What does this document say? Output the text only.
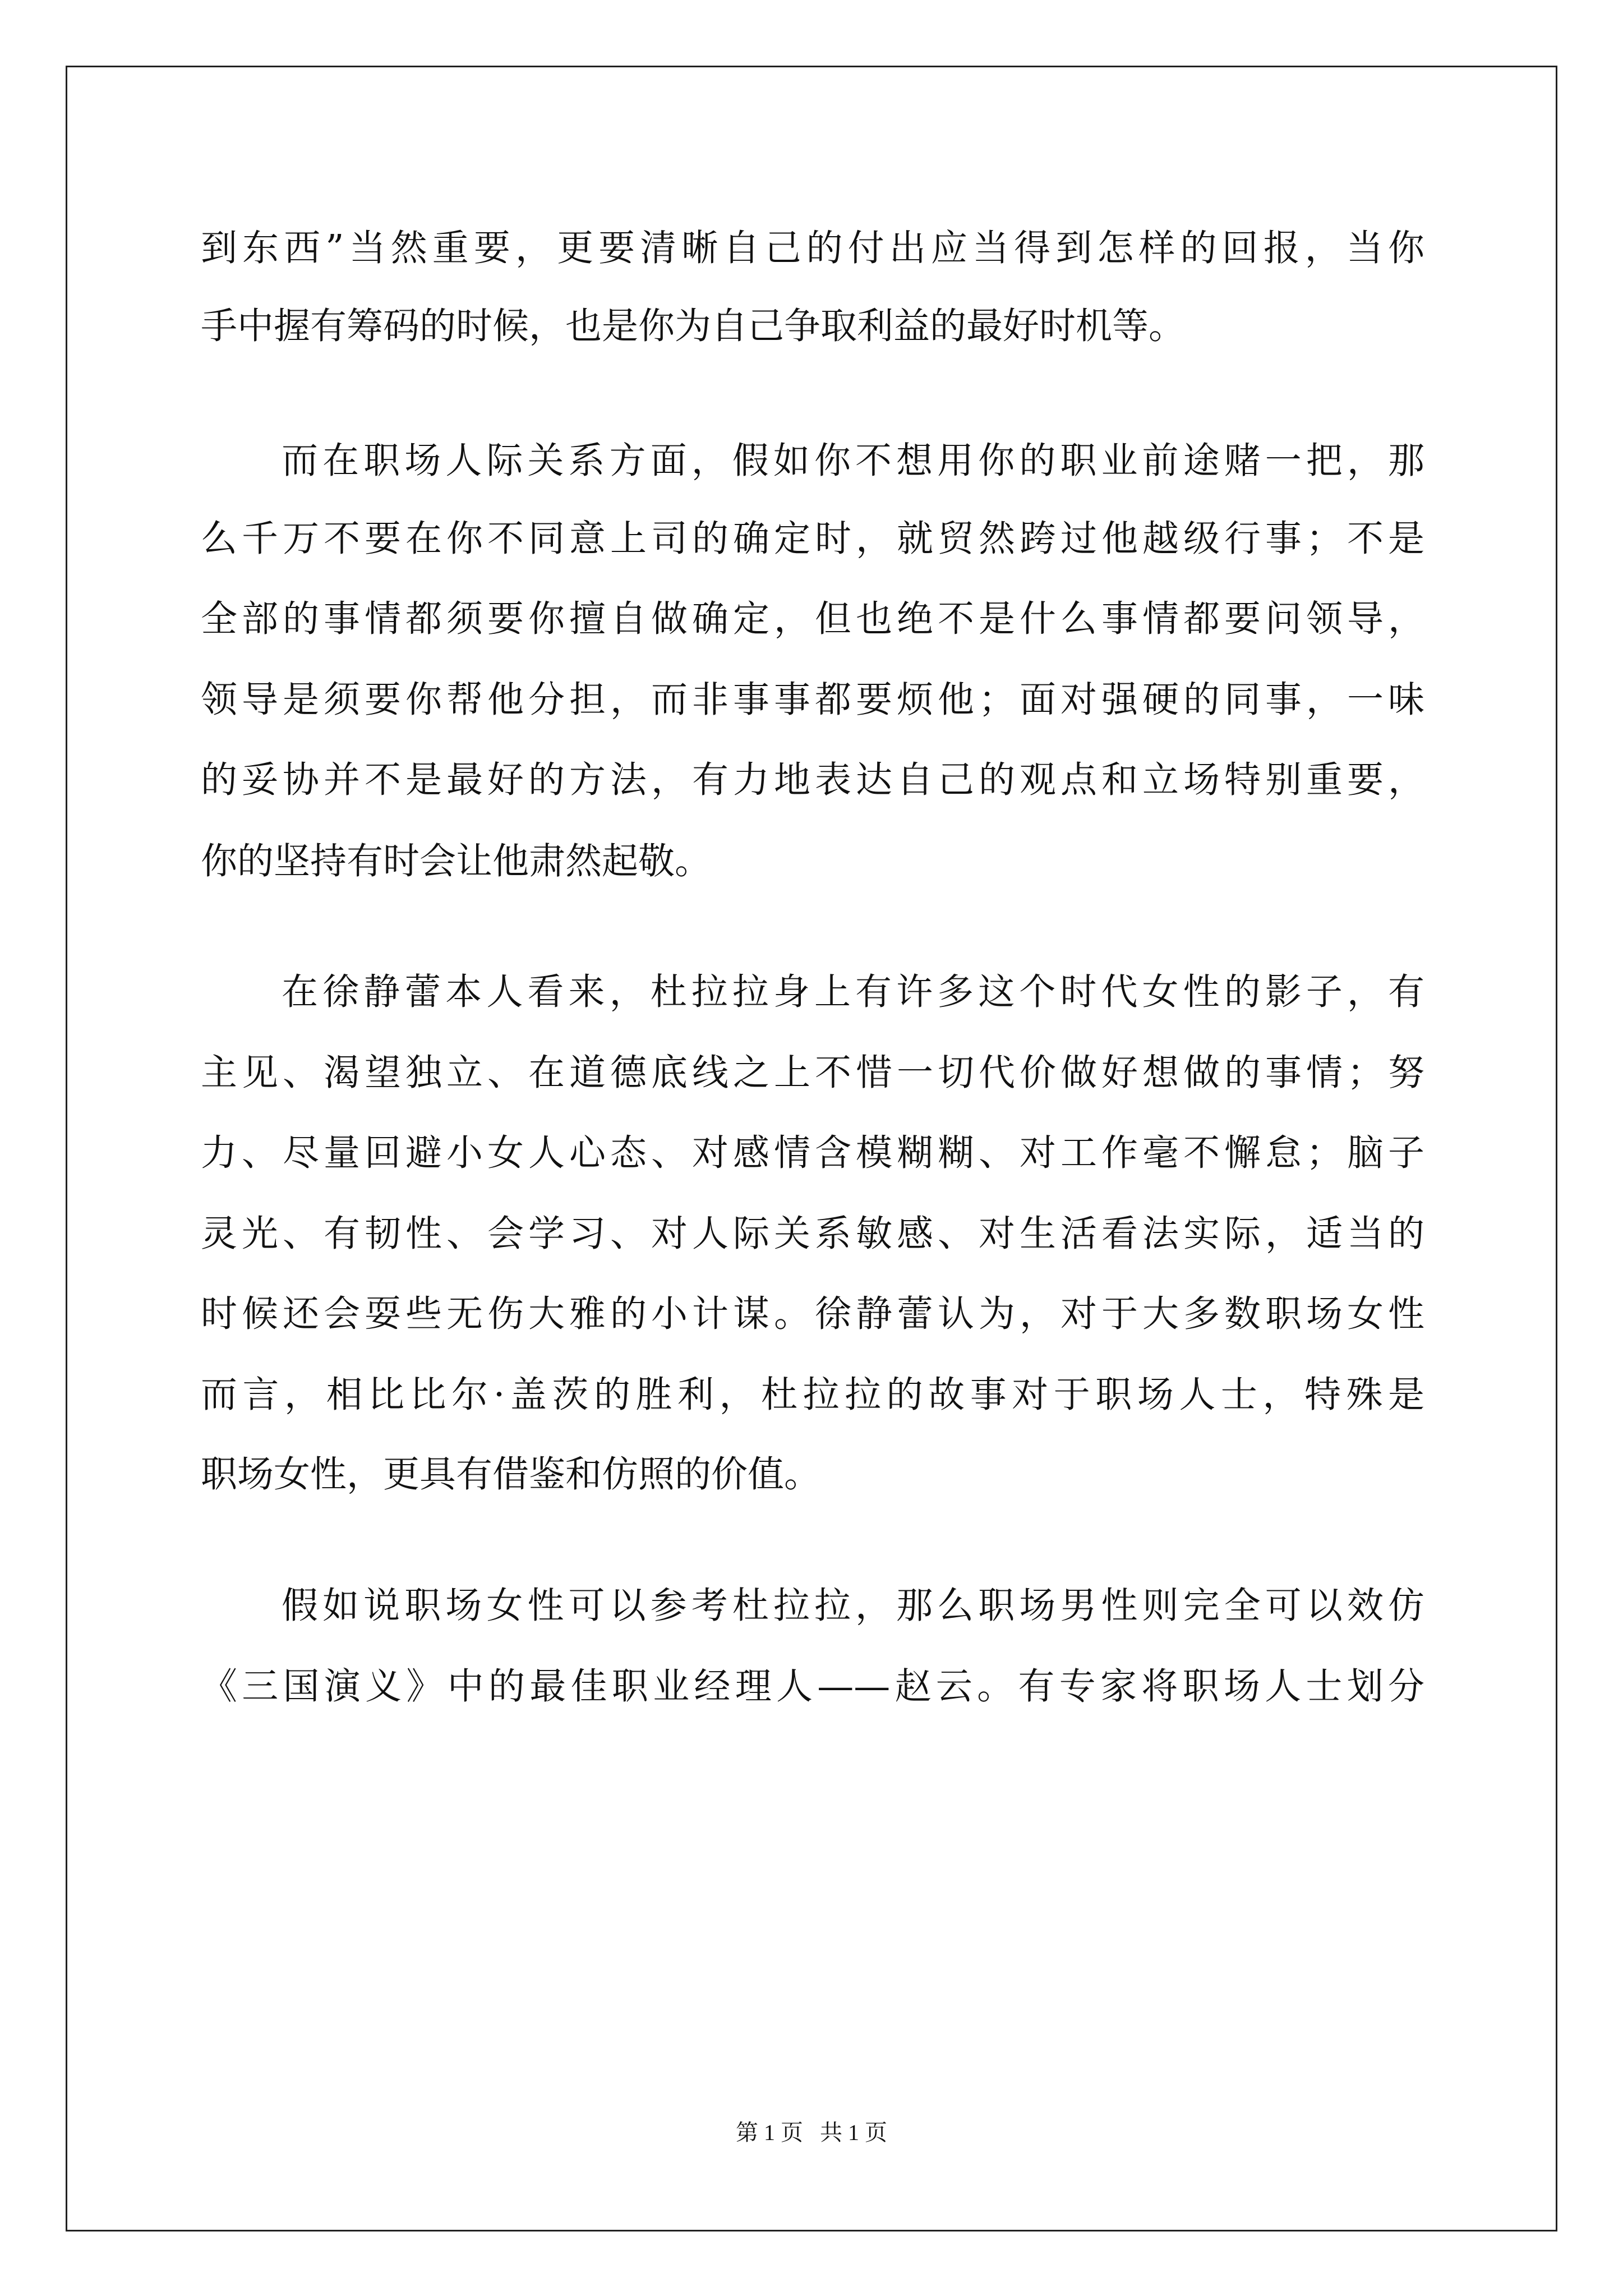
到东西”当然重要，更要清晰自己的付出应当得到怎样的回报，当你
手中握有筹码的时候，也是你为自己争取利益的最好时机等。
而在职场人际关系方面，假如你不想用你的职业前途赌一把，那
么千万不要在你不同意上司的确定时，就贸然跨过他越级行事；不是
全部的事情都须要你擅自做确定，但也绝不是什么事情都要问领导，
领导是须要你帮他分担，而非事事都要烦他；面对强硬的同事，一味
的妥协并不是最好的方法，有力地表达自己的观点和立场特别重要，
你的坚持有时会让他肃然起敬。
在徐静蕾本人看来，杜拉拉身上有许多这个时代女性的影子，有
主见、渴望独立、在道德底线之上不惜一切代价做好想做的事情；努
力、尽量回避小女人心态、对感情含模糊糊、对工作毫不懈怠；脑子
灵光、有韧性、会学习、对人际关系敏感、对生活看法实际，适当的
时候还会耍些无伤大雅的小计谋。徐静蕾认为，对于大多数职场女性
而言，相比比尔·盖茨的胜利，杜拉拉的故事对于职场人士，特殊是
职场女性，更具有借鉴和仿照的价值。
假如说职场女性可以参考杜拉拉，那么职场男性则完全可以效仿
《三国演义》中的最佳职业经理人——赵云。有专家将职场人士划分
第 1 页   共 1 页
